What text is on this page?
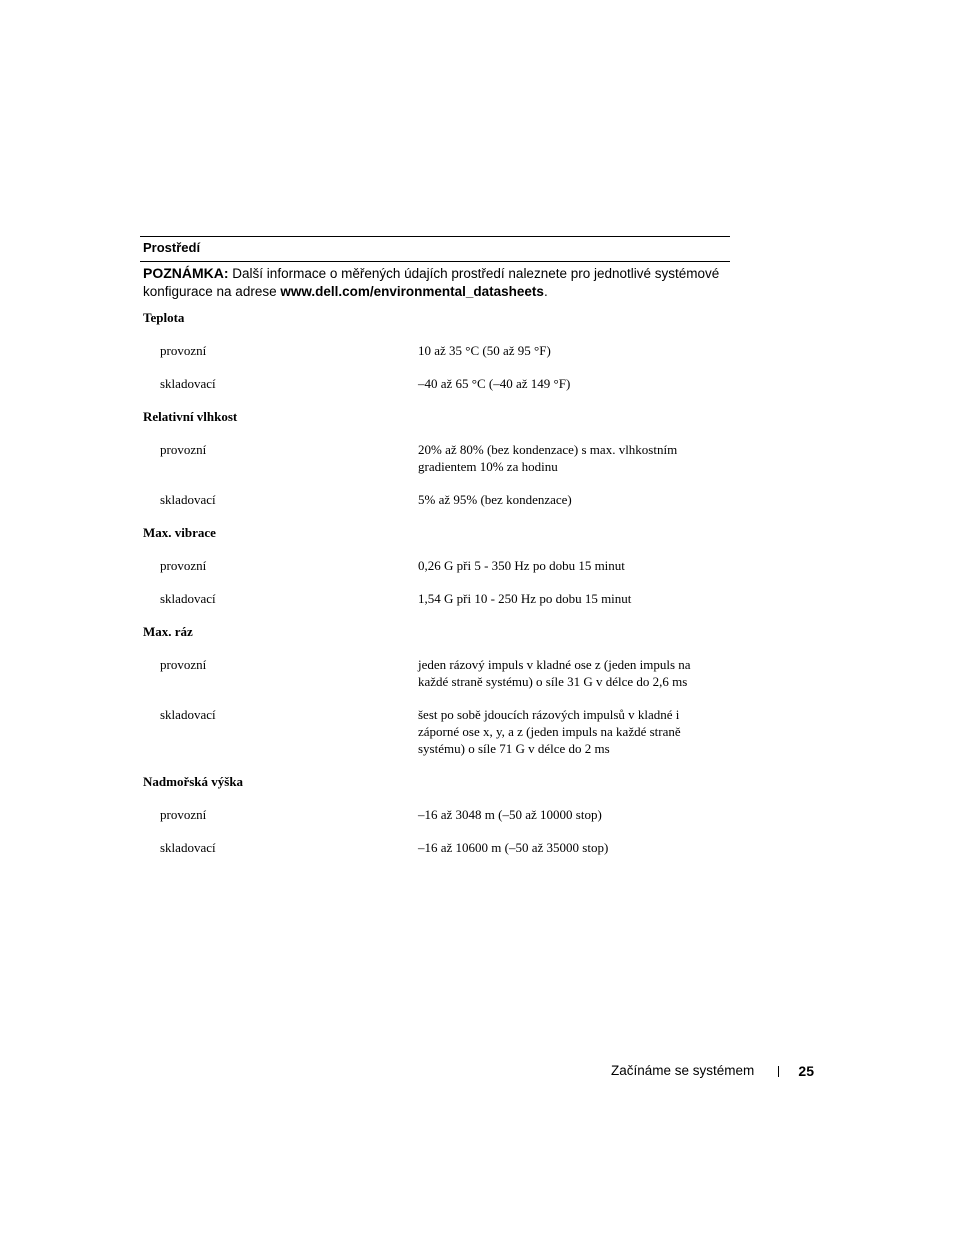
Prostředí
POZNÁMKA: Další informace o měřených údajích prostředí naleznete pro jednotlivé systémové konfigurace na adrese www.dell.com/environmental_datasheets.
Teplota
provozní	10 až 35 °C (50 až 95 °F)
skladovací	–40 až 65 °C (–40 až 149 °F)
Relativní vlhkost
provozní	20% až 80% (bez kondenzace) s max. vlhkostním gradientem 10% za hodinu
skladovací	5% až 95% (bez kondenzace)
Max. vibrace
provozní	0,26 G při 5 - 350 Hz po dobu 15 minut
skladovací	1,54 G při 10 - 250 Hz po dobu 15 minut
Max. ráz
provozní	jeden rázový impuls v kladné ose z (jeden impuls na každé straně systému) o síle 31 G v délce do 2,6 ms
skladovací	šest po sobě jdoucích rázových impulsů v kladné i záporné ose x, y, a z (jeden impuls na každé straně systému) o síle 71 G v délce do 2 ms
Nadmořská výška
provozní	–16 až 3048 m (–50 až 10000 stop)
skladovací	–16 až 10600 m (–50 až 35000 stop)
Začínáme se systémem	25
